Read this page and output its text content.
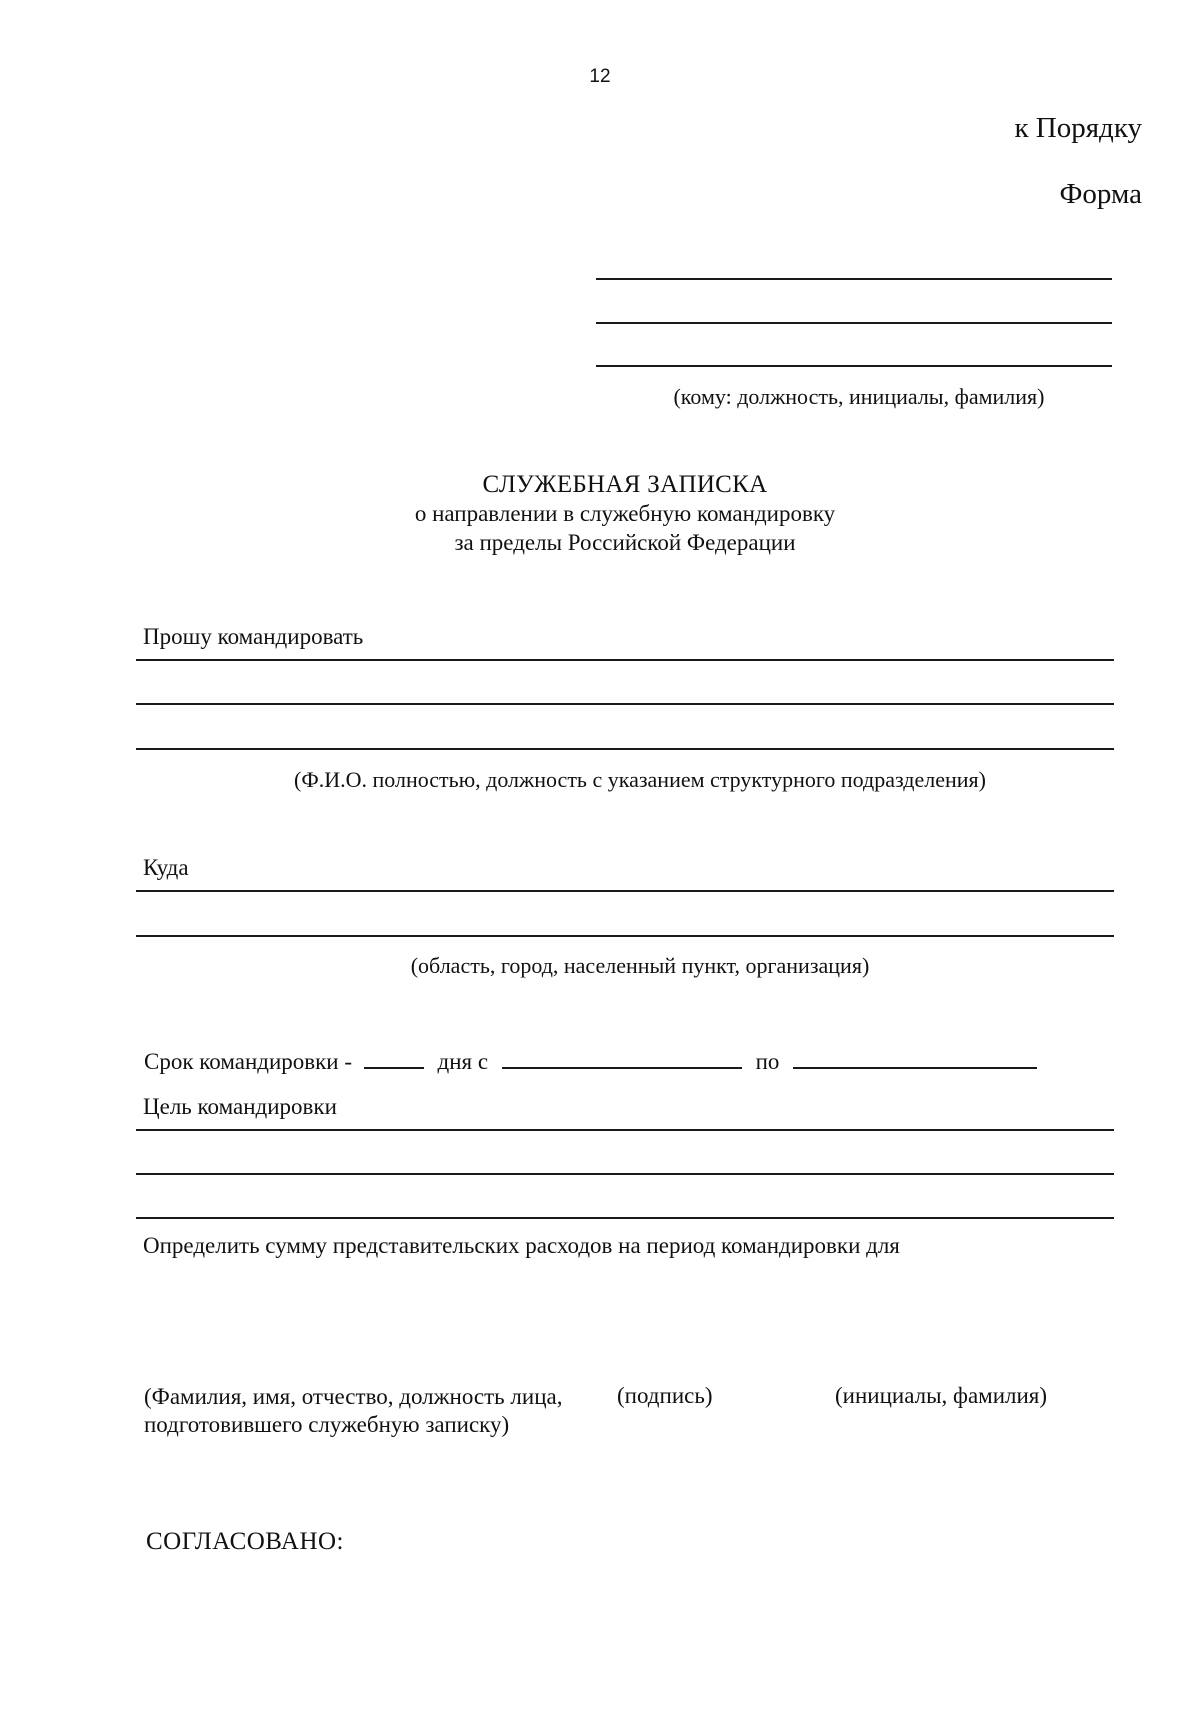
12
к Порядку
Форма
(кому: должность, инициалы, фамилия)
СЛУЖЕБНАЯ ЗАПИСКА
о направлении в служебную командировку
за пределы Российской Федерации
Прошу командировать
(Ф.И.О. полностью, должность с указанием структурного подразделения)
Куда
(область, город, населенный пункт, организация)
Срок командировки -	дня с	по
Цель командировки
Определить сумму представительских расходов на период командировки для
(Фамилия, имя, отчество, должность лица, подготовившего служебную записку)
(подпись)	(инициалы, фамилия)
СОГЛАСОВАНО:
